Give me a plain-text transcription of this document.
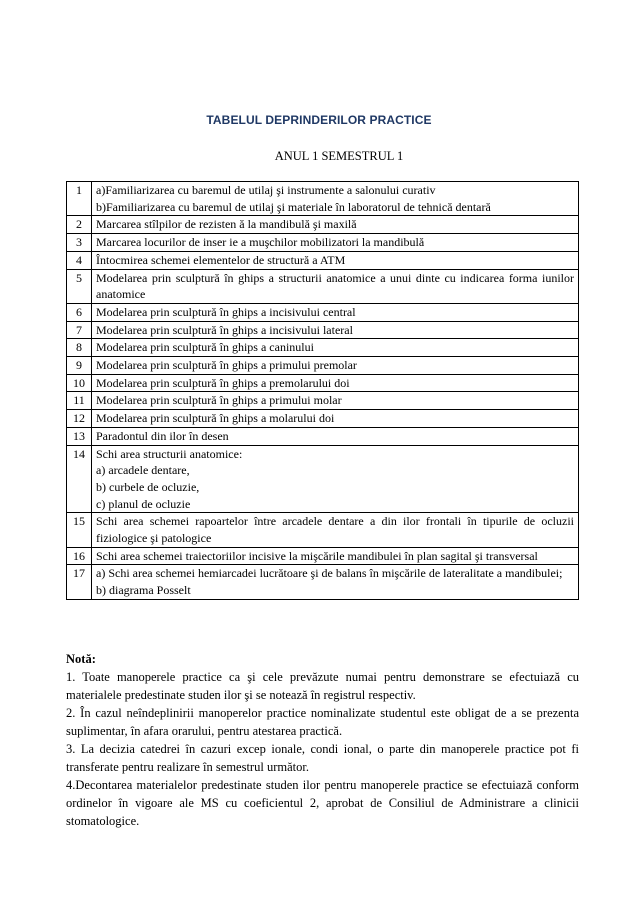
TABELUL DEPRINDERILOR PRACTICE
ANUL 1 SEMESTRUL 1
1	a)Familiarizarea cu baremul de utilaj şi instrumente a salonului curativ
b)Familiarizarea cu baremul de utilaj şi materiale în laboratorul de tehnică dentară

2	Marcarea stîlpilor de rezisten ă la mandibulă şi maxilă

3	Marcarea locurilor de inser ie a muşchilor mobilizatori la mandibulă

4	Întocmirea schemei elementelor de structură a ATM

5	Modelarea prin sculptură în ghips a structurii anatomice a unui dinte cu indicarea forma iunilor anatomice

6	Modelarea prin sculptură în ghips a incisivului central

7	Modelarea prin sculptură în ghips a incisivului lateral

8	Modelarea prin sculptură în ghips a caninului

9	Modelarea prin sculptură în ghips a primului premolar

10	Modelarea prin sculptură în ghips a premolarului doi

11	Modelarea prin sculptură în ghips a primului molar

12	Modelarea prin sculptură în ghips a molarului doi

13	Paradontul din ilor în desen

14	Schi area structurii anatomice:
a) arcadele dentare,
b) curbele de ocluzie,
c) planul de ocluzie

15	Schi area schemei rapoartelor între arcadele dentare a din ilor frontali în tipurile de ocluzii fiziologice şi patologice

16	Schi area schemei traiectoriilor incisive la mişcările mandibulei în plan sagital şi transversal

17	a) Schi area schemei hemiarcadei lucrătoare şi de balans în mişcările de lateralitate a mandibulei;
b) diagrama Posselt
Notă:

1. Toate manoperele practice ca şi cele prevăzute numai pentru demonstrare se efectuiază cu materialele predestinate studen ilor şi se notează în registrul respectiv.

2. În cazul neîndeplinirii manoperelor practice nominalizate studentul este obligat de a se prezenta suplimentar, în afara orarului, pentru atestarea practică.

3. La decizia catedrei în cazuri excep ionale, condi ional, o parte din manoperele practice pot fi transferate pentru realizare în semestrul următor.

4.Decontarea materialelor predestinate studen ilor pentru manoperele practice se efectuiază conform ordinelor în vigoare ale MS cu coeficientul 2, aprobat de Consiliul de Administrare a clinicii stomatologice.
